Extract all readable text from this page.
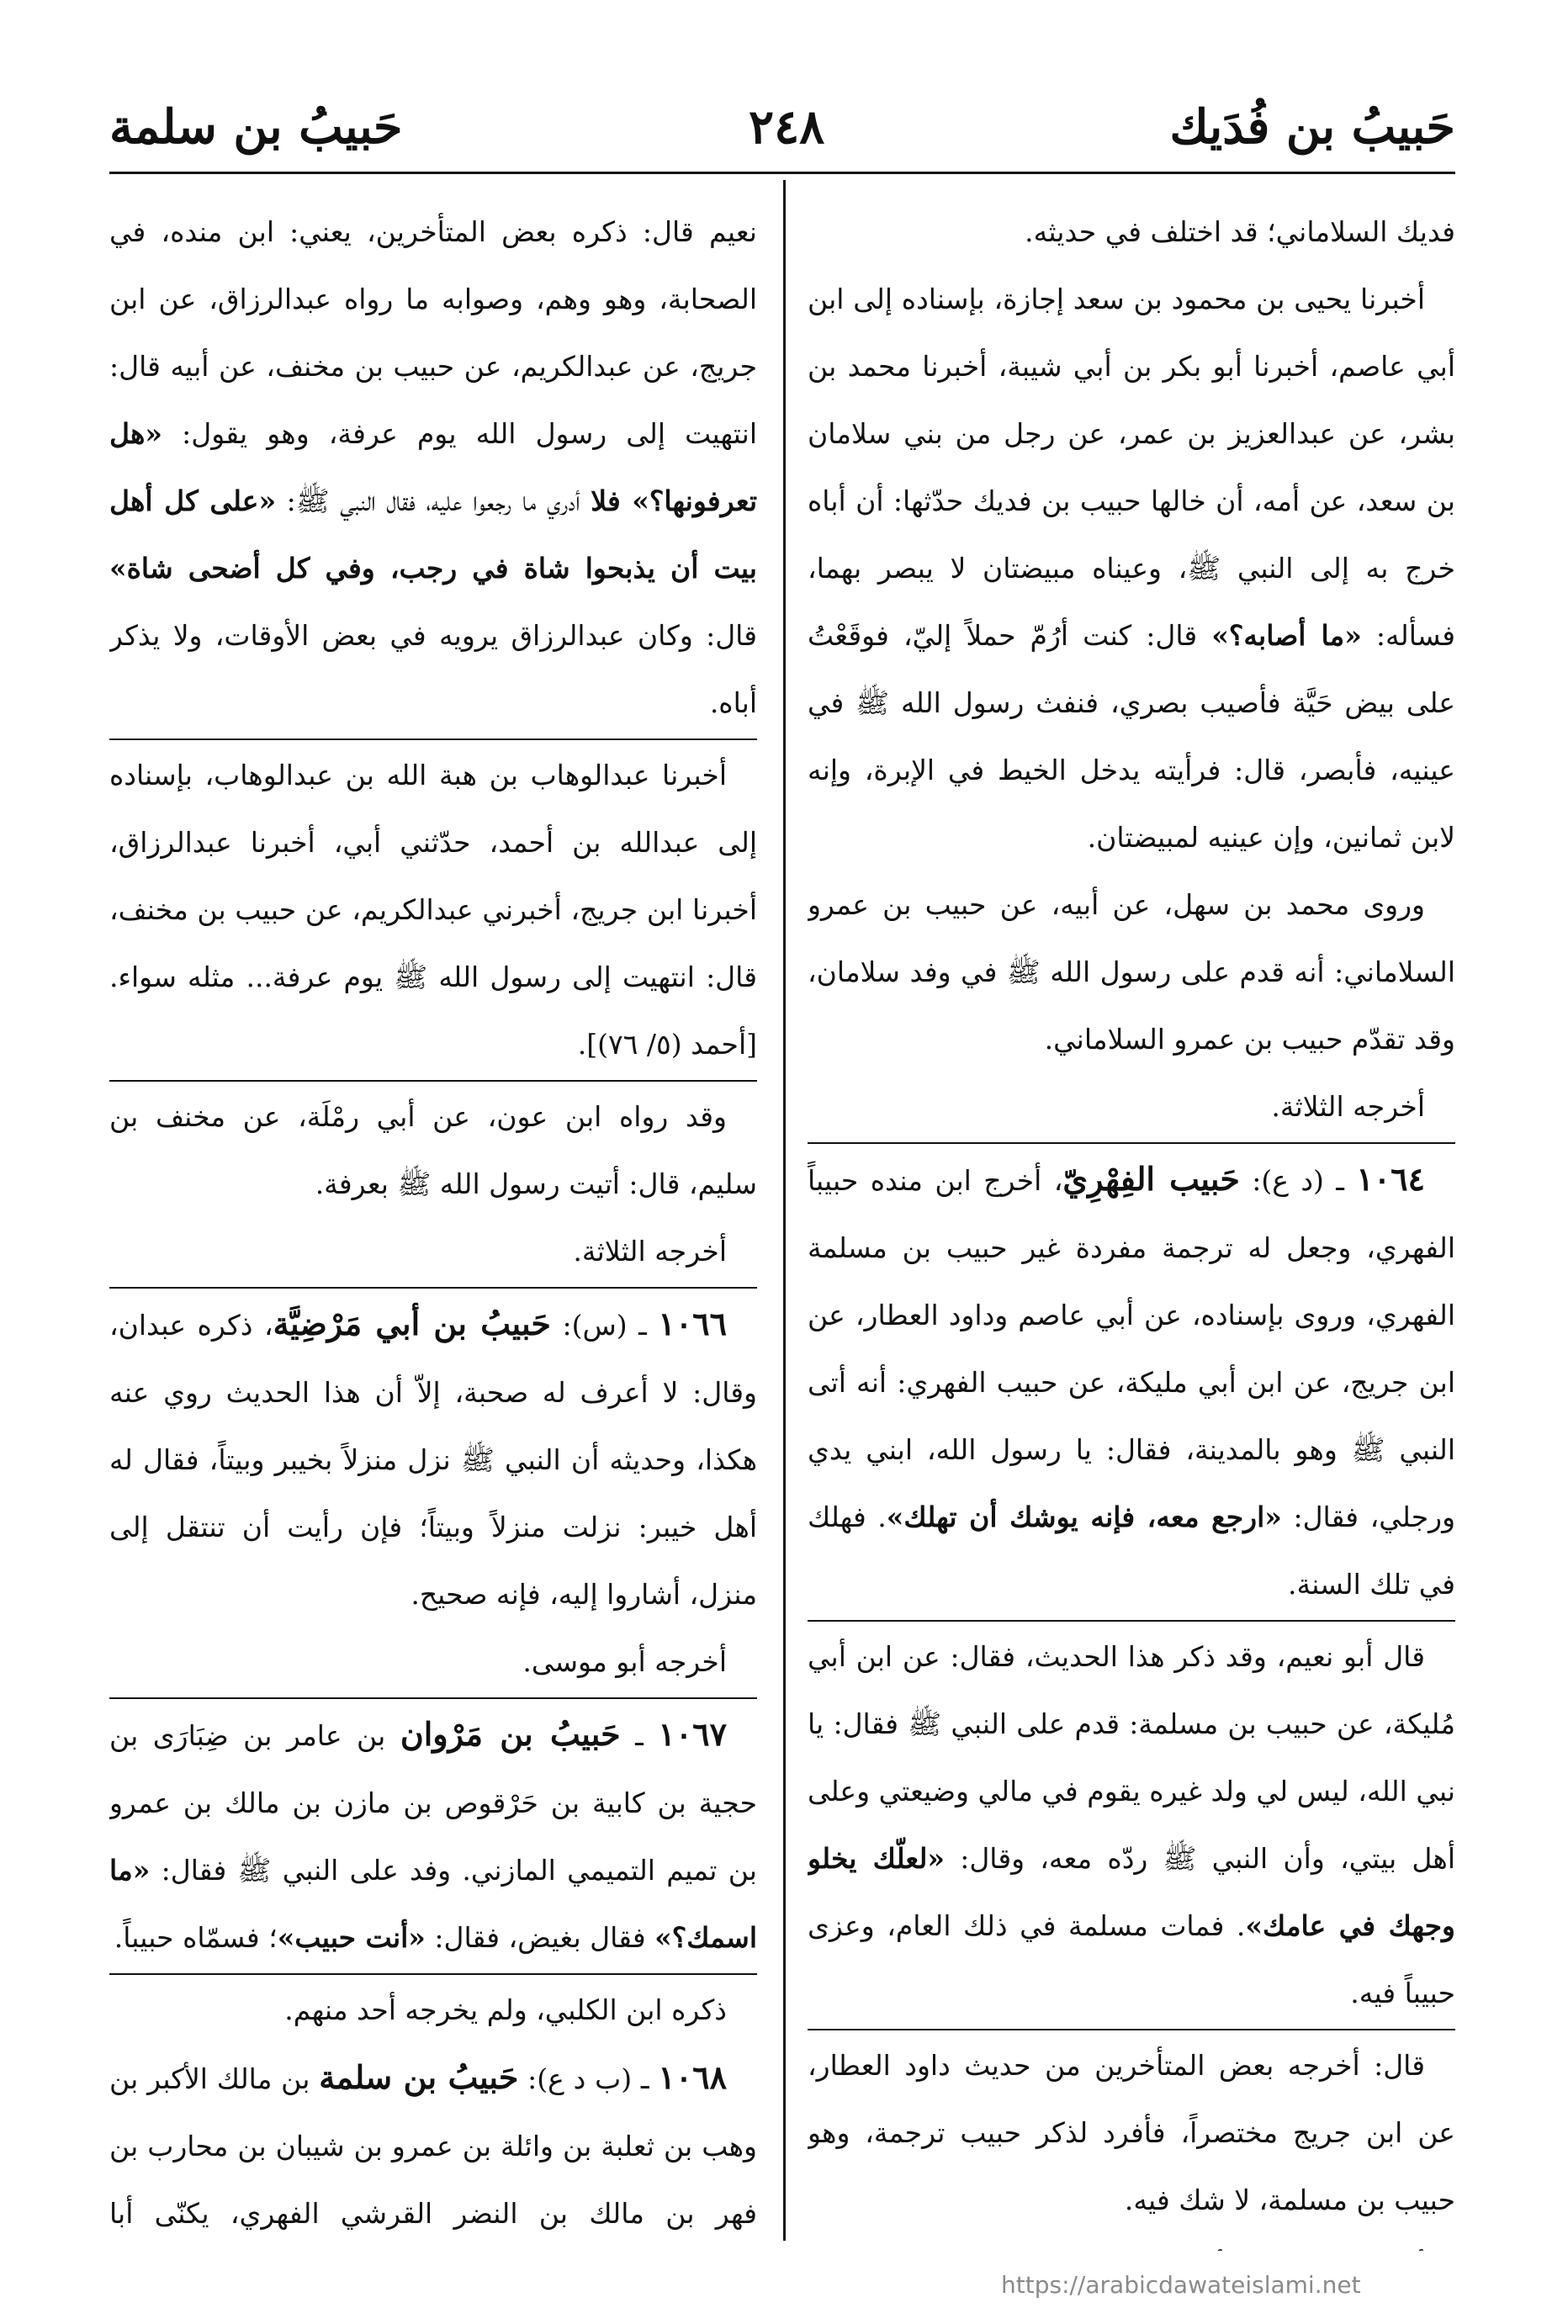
حَبيبُ بن فُدَيك
٢٤٨
حَبيبُ بن سلمة

فديك السلاماني؛ قد اختلف في حديثه.

أخبرنا يحيى بن محمود بن سعد إجازة، بإسناده إلى ابن أبي عاصم، أخبرنا أبو بكر بن أبي شيبة، أخبرنا محمد بن بشر، عن عبدالعزيز بن عمر، عن رجل من بني سلامان بن سعد، عن أمه، أن خالها حبيب بن فديك حدّثها: أن أباه خرج به إلى النبي ﷺ، وعيناه مبيضتان لا يبصر بهما، فسأله: «ما أصابه؟» قال: كنت أرُمّ حملاً إليّ، فوقَعْتُ على بيض حَيَّة فأصيب بصري، فنفث رسول الله ﷺ في عينيه، فأبصر، قال: فرأيته يدخل الخيط في الإبرة، وإنه لابن ثمانين، وإن عينيه لمبيضتان.

وروى محمد بن سهل، عن أبيه، عن حبيب بن عمرو السلاماني: أنه قدم على رسول الله ﷺ في وفد سلامان، وقد تقدّم حبيب بن عمرو السلاماني.

أخرجه الثلاثة.

١٠٦٤ ـ (د ع): حَبيب الفِهْرِيّ، أخرج ابن منده حبيباً الفهري، وجعل له ترجمة مفردة غير حبيب بن مسلمة الفهري، وروى بإسناده، عن أبي عاصم وداود العطار، عن ابن جريج، عن ابن أبي مليكة، عن حبيب الفهري: أنه أتى النبي ﷺ وهو بالمدينة، فقال: يا رسول الله، ابني يدي ورجلي، فقال: «ارجع معه، فإنه يوشك أن تهلك». فهلك في تلك السنة.

قال أبو نعيم، وقد ذكر هذا الحديث، فقال: عن ابن أبي مُليكة، عن حبيب بن مسلمة: قدم على النبي ﷺ فقال: يا نبي الله، ليس لي ولد غيره يقوم في مالي وضيعتي وعلى أهل بيتي، وأن النبي ﷺ ردّه معه، وقال: «لعلّك يخلو وجهك في عامك». فمات مسلمة في ذلك العام، وعزى حبيباً فيه.

قال: أخرجه بعض المتأخرين من حديث داود العطار، عن ابن جريج مختصراً، فأفرد لذكر حبيب ترجمة، وهو حبيب بن مسلمة، لا شك فيه.

نعيم قال: ذكره بعض المتأخرين، يعني: ابن منده، في الصحابة، وهو وهم، وصوابه ما رواه عبدالرزاق، عن ابن جريج، عن عبدالكريم، عن حبيب بن مخنف، عن أبيه قال: انتهيت إلى رسول الله يوم عرفة، وهو يقول: «هل تعرفونها؟» فلا أدري ما رجعوا عليه، فقال النبي ﷺ: «على كل أهل بيت أن يذبحوا شاة في رجب، وفي كل أضحى شاة» قال: وكان عبدالرزاق يرويه في بعض الأوقات، ولا يذكر أباه.

أخبرنا عبدالوهاب بن هبة الله بن عبدالوهاب، بإسناده إلى عبدالله بن أحمد، حدّثني أبي، أخبرنا عبدالرزاق، أخبرنا ابن جريج، أخبرني عبدالكريم، عن حبيب بن مخنف، قال: انتهيت إلى رسول الله ﷺ يوم عرفة... مثله سواء. [أحمد (٥/ ٧٦)].

وقد رواه ابن عون، عن أبي رمْلَة، عن مخنف بن سليم، قال: أتيت رسول الله ﷺ بعرفة.

أخرجه الثلاثة.

١٠٦٦ ـ (س): حَبيبُ بن أبي مَرْضِيَّة، ذكره عبدان، وقال: لا أعرف له صحبة، إلاّ أن هذا الحديث روي عنه هكذا، وحديثه أن النبي ﷺ نزل منزلاً بخيبر وبيتاً، فقال له أهل خيبر: نزلت منزلاً وبيتاً؛ فإن رأيت أن تنتقل إلى منزل، أشاروا إليه، فإنه صحيح.

أخرجه أبو موسى.

١٠٦٧ ـ حَبيبُ بن مَرْوان بن عامر بن ضِبَارَى بن حجية بن كابية بن حَرْقوص بن مازن بن مالك بن عمرو بن تميم التميمي المازني. وفد على النبي ﷺ فقال: «ما اسمك؟» فقال بغيض، فقال: «أنت حبيب»؛ فسمّاه حبيباً.

ذكره ابن الكلبي، ولم يخرجه أحد منهم.

١٠٦٨ ـ (ب د ع): حَبيبُ بن سلمة بن مالك الأكبر بن وهب بن ثعلبة بن وائلة بن عمرو بن شيبان بن محارب بن فهر بن مالك بن النضر القرشي الفهري، يكنّى أبا

https://arabicdawateislami.net
